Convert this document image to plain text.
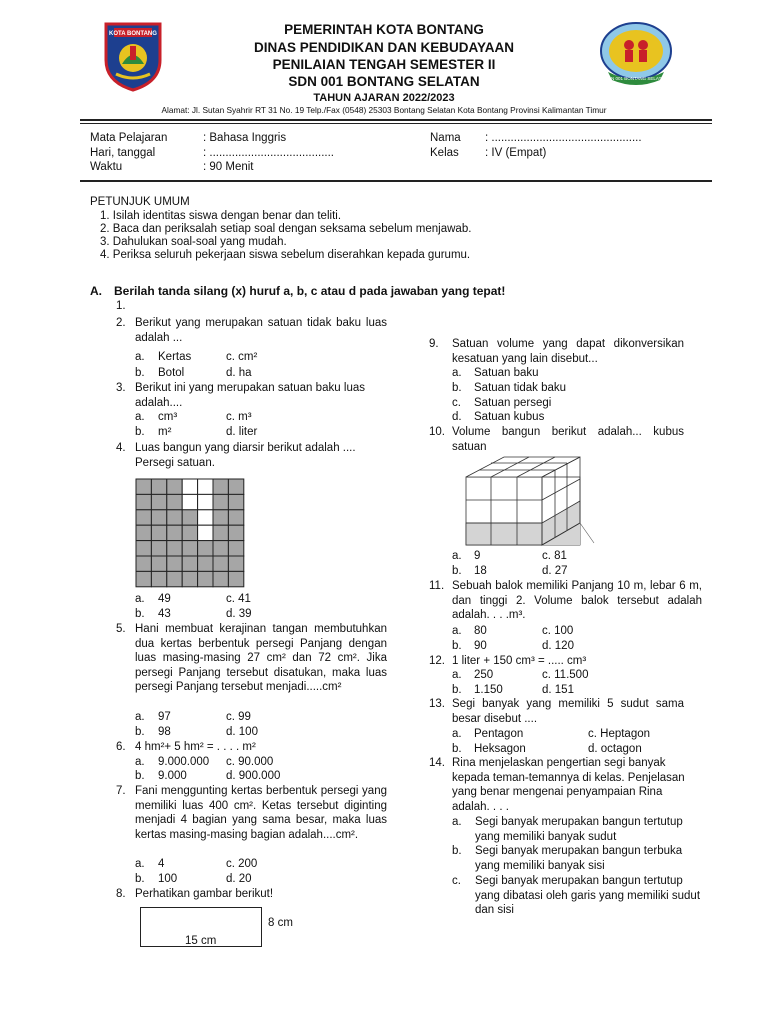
KOTA BONTANG
SDN 001 BONTANG SELATAN
PEMERINTAH KOTA BONTANG
DINAS PENDIDIKAN DAN KEBUDAYAAN
PENILAIAN TENGAH SEMESTER II
SDN 001 BONTANG SELATAN
TAHUN AJARAN 2022/2023
Alamat: Jl. Sutan Syahrir RT 31 No. 19 Telp./Fax (0548) 25303 Bontang Selatan Kota Bontang Provinsi Kalimantan Timur
Mata Pelajaran	: Bahasa Inggris
Hari, tanggal	: .......................................
Waktu	: 90 Menit
Nama : ...............................................
Kelas : IV (Empat)
PETUNJUK UMUM
1. Isilah identitas siswa dengan benar dan teliti.
2. Baca dan periksalah setiap soal dengan seksama sebelum menjawab.
3. Dahulukan soal-soal yang mudah.
4. Periksa seluruh pekerjaan siswa sebelum diserahkan kepada gurumu.
A. Berilah tanda silang (x) huruf a, b, c atau d pada jawaban yang tepat!
1.
2. Berikut yang merupakan satuan tidak baku luas adalah ...
a. Kertas	c. cm²
b. Botol	d. ha
3. Berikut ini yang merupakan satuan baku luas adalah....
a. cm³	c. m³
b. m²	d. liter
4. Luas bangun yang diarsir berikut adalah ....
Persegi satuan.
a. 49	c. 41
b. 43	d. 39
5. Hani membuat kerajinan tangan membutuhkan dua kertas berbentuk persegi Panjang dengan luas masing-masing 27 cm² dan 72 cm². Jika persegi Panjang tersebut disatukan, maka luas persegi Panjang tersebut menjadi.....cm²
a. 97	c. 99
b. 98	d. 100
6. 4 hm²+ 5 hm² = . . . . m²
a. 9.000.000 c. 90.000
b. 9.000	d. 900.000
7. Fani menggunting kertas berbentuk persegi yang memiliki luas 400 cm². Ketas tersebut diginting menjadi 4 bagian yang sama besar, maka luas kertas masing-masing bagian adalah....cm².
a. 4	c. 200
b. 100	d. 20
8. Perhatikan gambar berikut!
8 cm
15 cm
9. Satuan volume yang dapat dikonversikan kesatuan yang lain disebut...
a. Satuan baku
b. Satuan tidak baku
c. Satuan persegi
d. Satuan kubus
10. Volume bangun berikut adalah... kubus satuan
a. 9	c. 81
b. 18	d. 27
11. Sebuah balok memiliki Panjang 10 m, lebar 6 m, dan tinggi 2. Volume balok tersebut adalah adalah. . . .m³.
a. 80	c. 100
b. 90	d. 120
12. 1 liter + 150 cm³ = ..... cm³
a. 250	c. 11.500
b. 1.150	d. 151
13. Segi banyak yang memiliki 5 sudut sama besar disebut ....
a. Pentagon	c. Heptagon
b. Heksagon	d. octagon
14. Rina menjelaskan pengertian segi banyak kepada teman-temannya di kelas. Penjelasan yang benar mengenai penyampaian Rina adalah. . . .
a. Segi banyak merupakan bangun tertutup yang memiliki banyak sudut
b. Segi banyak merupakan bangun terbuka yang memiliki banyak sisi
c. Segi banyak merupakan bangun tertutup yang dibatasi oleh garis yang memiliki sudut dan sisi
